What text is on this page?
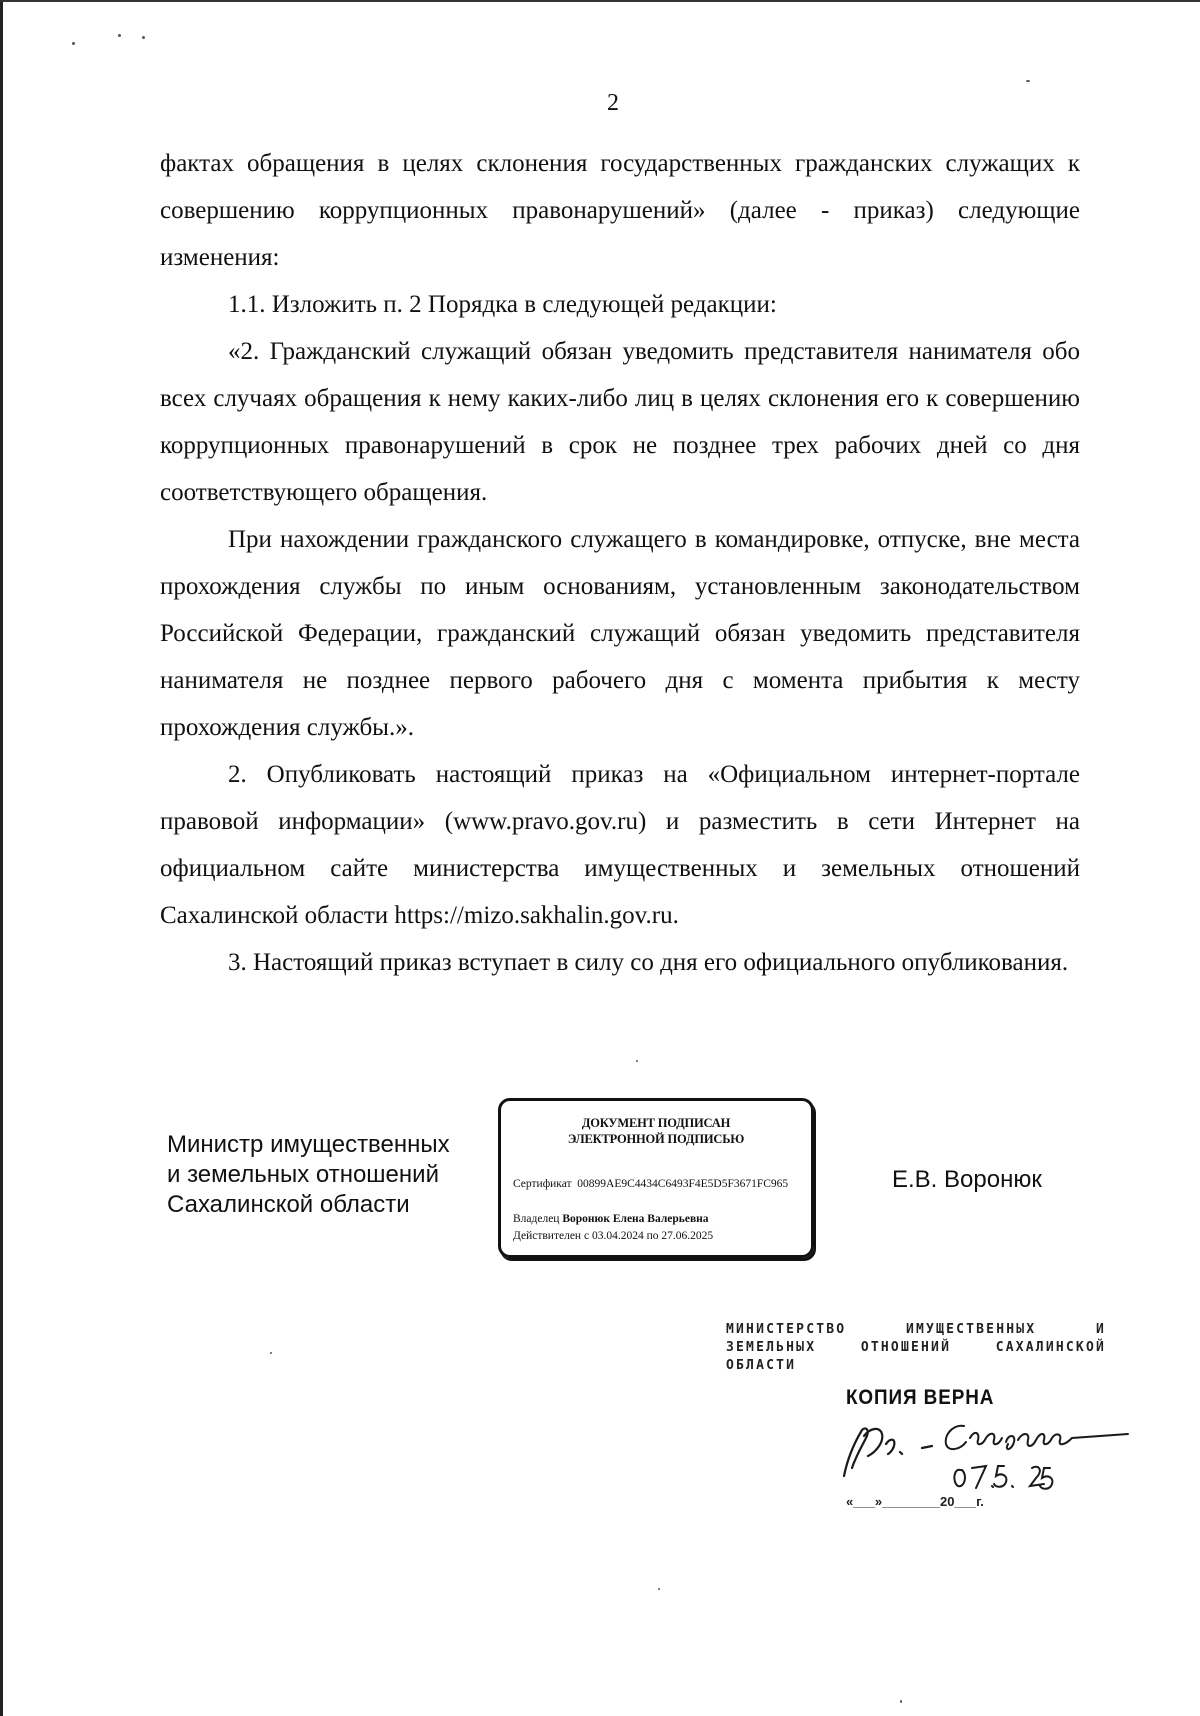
2

фактах обращения в целях склонения государственных гражданских служащих к совершению коррупционных правонарушений» (далее - приказ) следующие изменения:

1.1. Изложить п. 2 Порядка в следующей редакции:

«2. Гражданский служащий обязан уведомить представителя нанимателя обо всех случаях обращения к нему каких-либо лиц в целях склонения его к совершению коррупционных правонарушений в срок не позднее трех рабочих дней со дня соответствующего обращения.

При нахождении гражданского служащего в командировке, отпуске, вне места прохождения службы по иным основаниям, установленным законодательством Российской Федерации, гражданский служащий обязан уведомить представителя нанимателя не позднее первого рабочего дня с момента прибытия к месту прохождения службы.».

2. Опубликовать настоящий приказ на «Официальном интернет-портале правовой информации» (www.pravo.gov.ru) и разместить в сети Интернет на официальном сайте министерства имущественных и земельных отношений Сахалинской области https://mizo.sakhalin.gov.ru.

3. Настоящий приказ вступает в силу со дня его официального опубликования.

Министр имущественных
и земельных отношений
Сахалинской области
ДОКУМЕНТ ПОДПИСАН
ЭЛЕКТРОННОЙ ПОДПИСЬЮ
Сертификат 00899AE9C4434C6493F4E5D5F3671FC965
Владелец Воронюк Елена Валерьевна
Действителен с 03.04.2024 по 27.06.2025
Е.В. Воронюк
МИНИСТЕРСТВО ИМУЩЕСТВЕННЫХ И
ЗЕМЕЛЬНЫХ ОТНОШЕНИЙ САХАЛИНСКОЙ
ОБЛАСТИ
КОПИЯ ВЕРНА
«___»________20___г.
